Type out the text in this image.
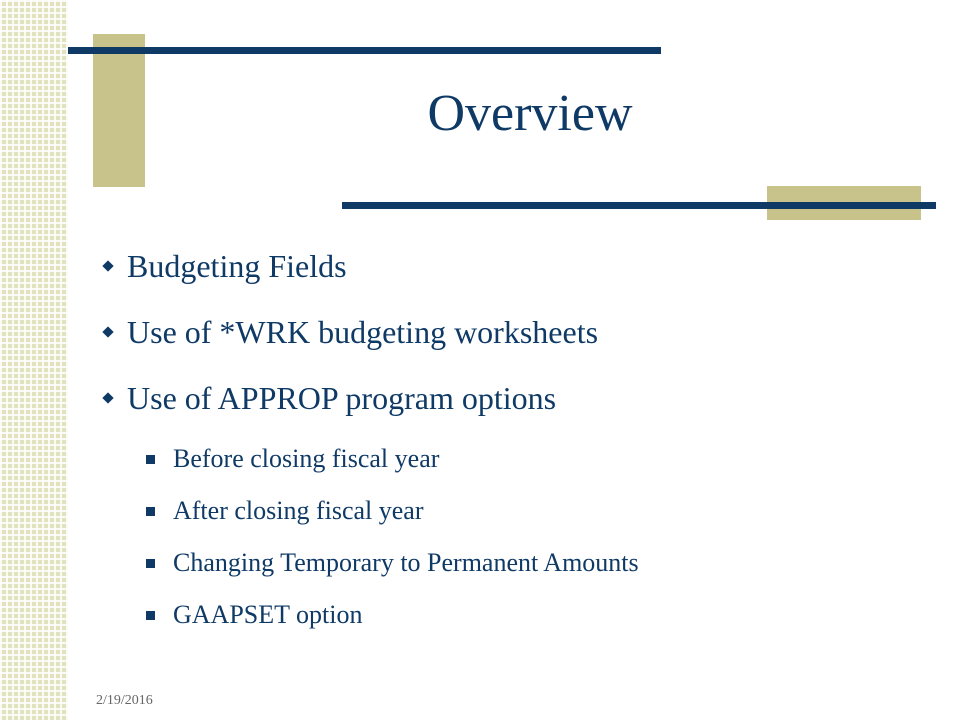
Overview
Budgeting Fields
Use of *WRK budgeting worksheets
Use of APPROP program options
Before closing fiscal year
After closing fiscal year
Changing Temporary to Permanent Amounts
GAAPSET option
2/19/2016
